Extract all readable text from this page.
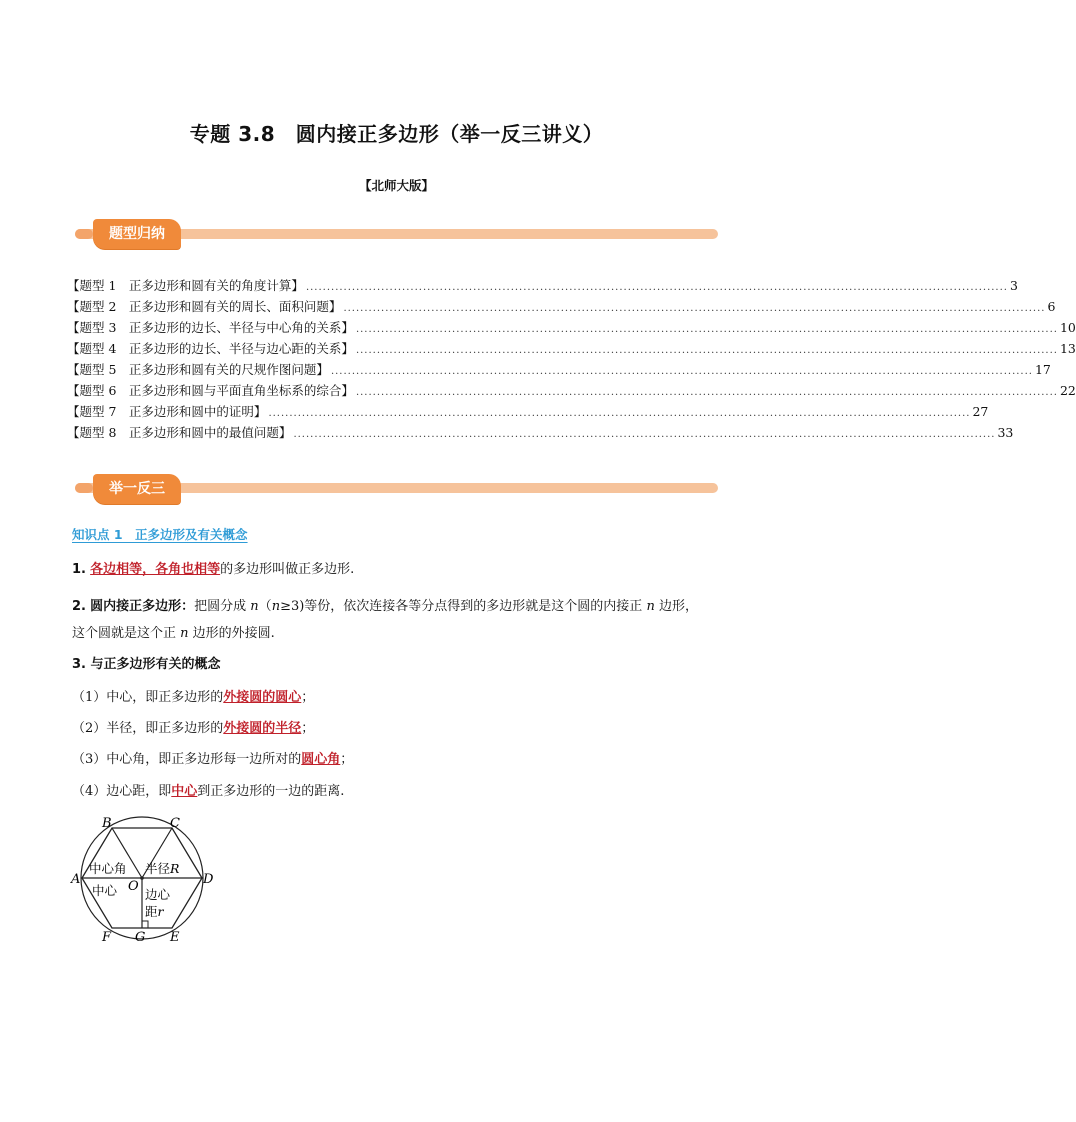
专题 3.8　圆内接正多边形（举一反三讲义）
【北师大版】
题型归纳
【题型 1　正多边形和圆有关的角度计算】 ........................................................................................................................................................................ 3
【题型 2　正多边形和圆有关的周长、面积问题】 ........................................................................................................................................................................ 6
【题型 3　正多边形的边长、半径与中心角的关系】 ........................................................................................................................................................................ 10
【题型 4　正多边形的边长、半径与边心距的关系】 ........................................................................................................................................................................ 13
【题型 5　正多边形和圆有关的尺规作图问题】 ........................................................................................................................................................................ 17
【题型 6　正多边形和圆与平面直角坐标系的综合】 ........................................................................................................................................................................ 22
【题型 7　正多边形和圆中的证明】 ........................................................................................................................................................................ 27
【题型 8　正多边形和圆中的最值问题】 ........................................................................................................................................................................ 33
举一反三
知识点 1　正多边形及有关概念
1. 各边相等，各角也相等的多边形叫做正多边形.
2. 圆内接正多边形：把圆分成 n（n≥3)等份，依次连接各等分点得到的多边形就是这个圆的内接正 n 边形，
这个圆就是这个正 n 边形的外接圆.
3. 与正多边形有关的概念
（1）中心，即正多边形的外接圆的圆心；
（2）半径，即正多边形的外接圆的半径；
（3）中心角，即正多边形每一边所对的圆心角；
（4）边心距，即中心到正多边形的一边的距离.
B	C
A	D
F G E
O
中心角 半径R
中心 边心
距r
